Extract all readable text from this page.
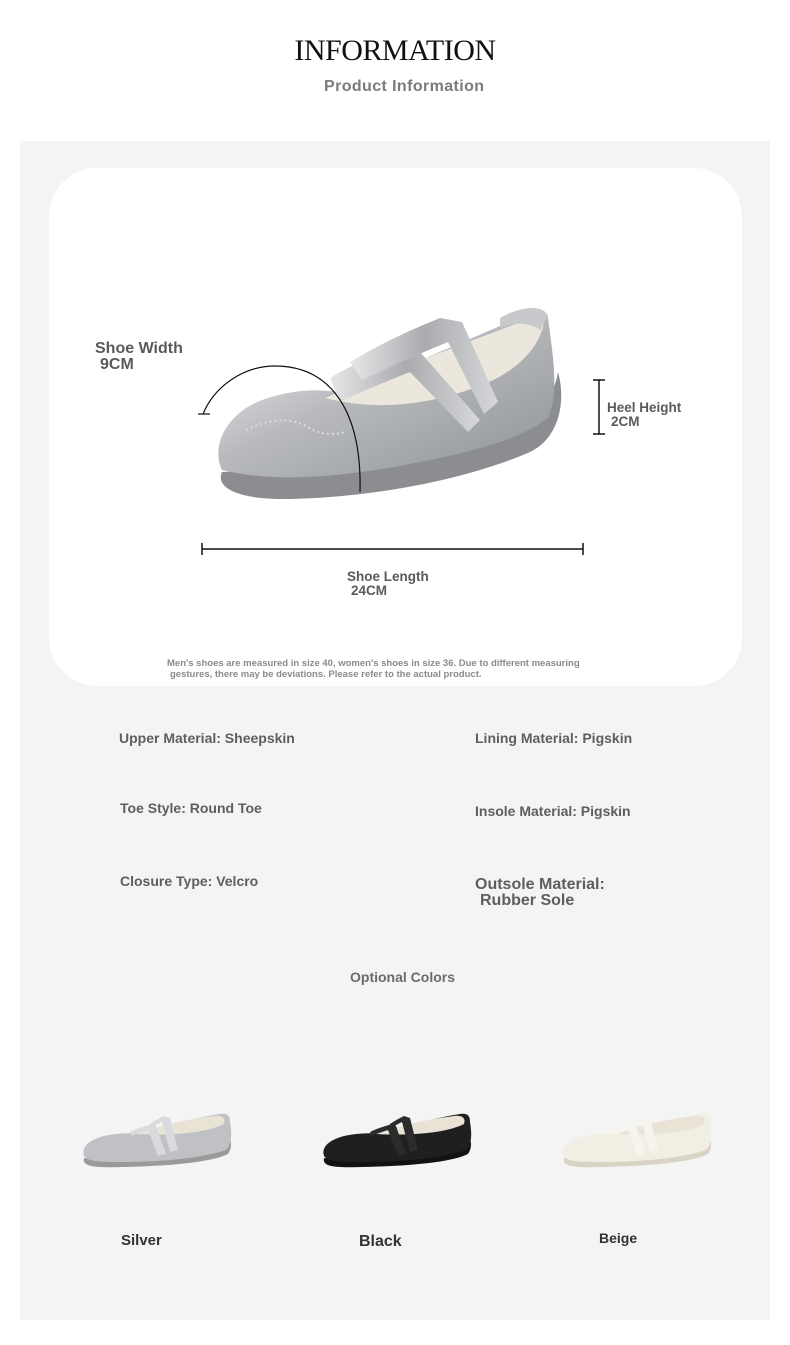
INFORMATION
Product Information
Shoe Width
9CM
Heel Height
2CM
Shoe Length
24CM
Men's shoes are measured in size 40, women's shoes in size 36. Due to different measuring
gestures, there may be deviations. Please refer to the actual product.
Upper Material: Sheepskin	Lining Material: Pigskin
Toe Style: Round Toe	Insole Material: Pigskin
Closure Type: Velcro	Outsole Material:
Rubber Sole
Optional Colors
Silver	Black	Beige
